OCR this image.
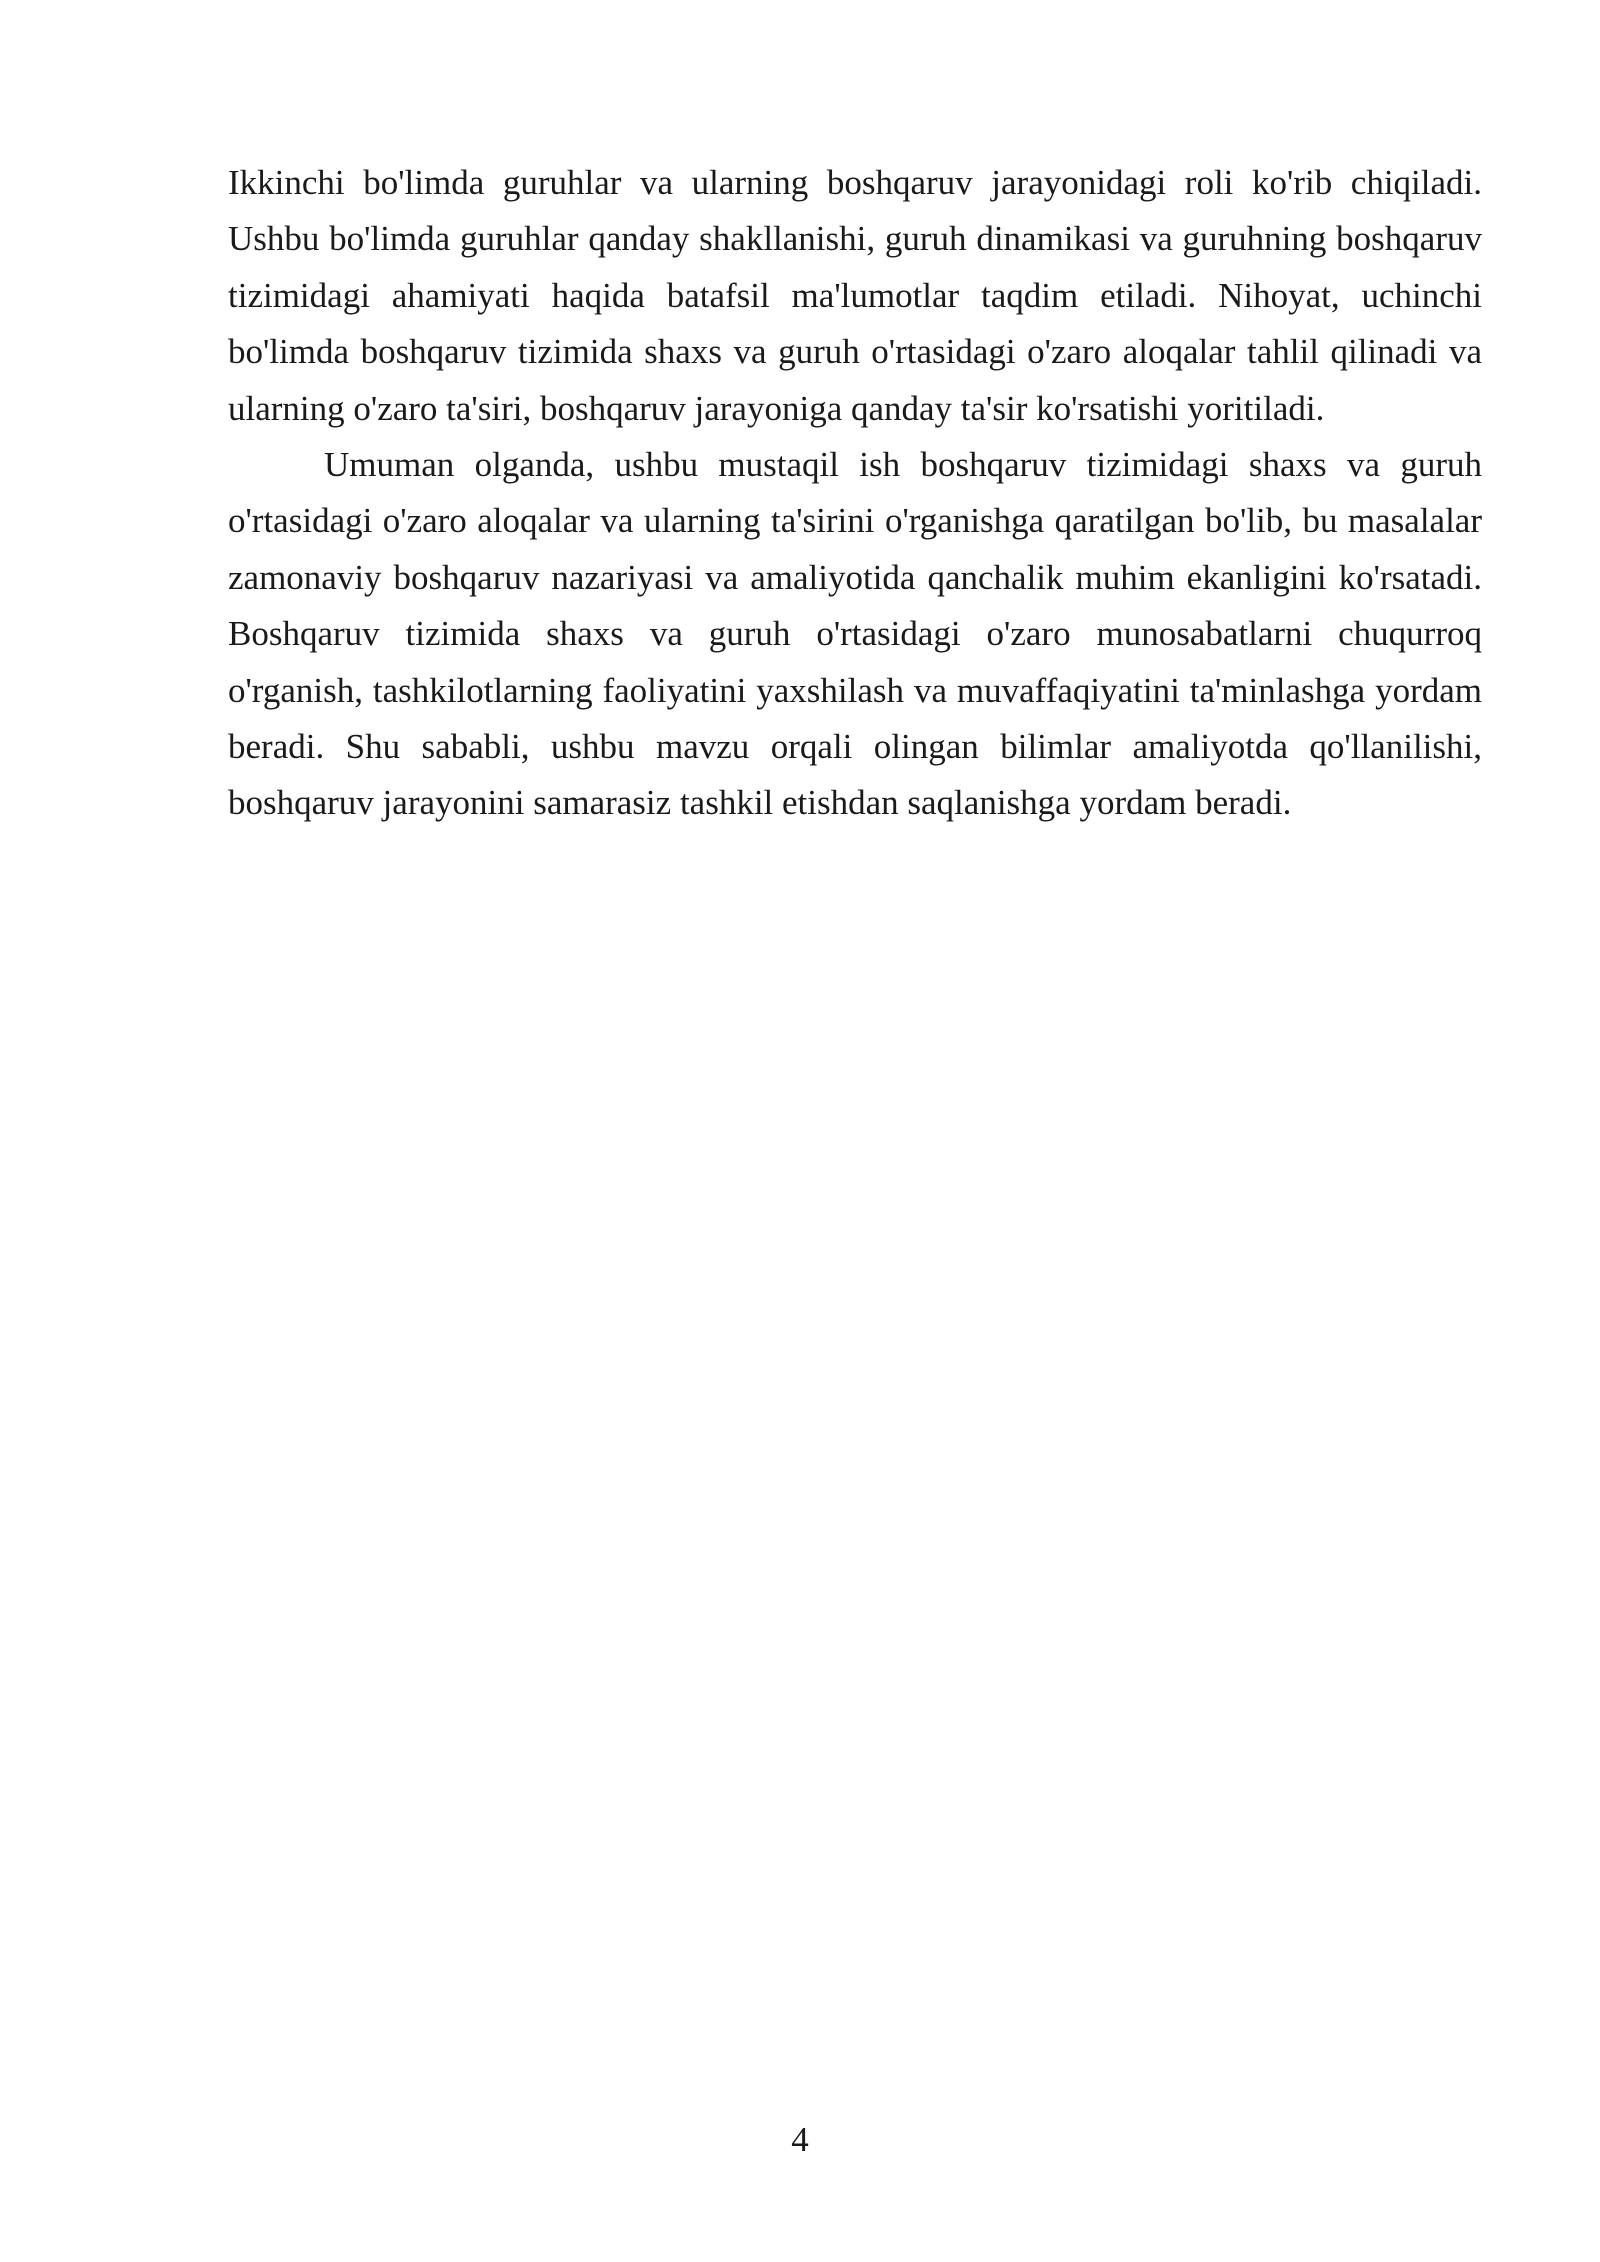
Ikkinchi bo'limda guruhlar va ularning boshqaruv jarayonidagi roli ko'rib chiqiladi. Ushbu bo'limda guruhlar qanday shakllanishi, guruh dinamikasi va guruhning boshqaruv tizimidagi ahamiyati haqida batafsil ma'lumotlar taqdim etiladi. Nihoyat, uchinchi bo'limda boshqaruv tizimida shaxs va guruh o'rtasidagi o'zaro aloqalar tahlil qilinadi va ularning o'zaro ta'siri, boshqaruv jarayoniga qanday ta'sir ko'rsatishi yoritiladi.

Umuman olganda, ushbu mustaqil ish boshqaruv tizimidagi shaxs va guruh o'rtasidagi o'zaro aloqalar va ularning ta'sirini o'rganishga qaratilgan bo'lib, bu masalalar zamonaviy boshqaruv nazariyasi va amaliyotida qanchalik muhim ekanligini ko'rsatadi. Boshqaruv tizimida shaxs va guruh o'rtasidagi o'zaro munosabatlarni chuqurroq o'rganish, tashkilotlarning faoliyatini yaxshilash va muvaffaqiyatini ta'minlashga yordam beradi. Shu sababli, ushbu mavzu orqali olingan bilimlar amaliyotda qo'llanilishi, boshqaruv jarayonini samarasiz tashkil etishdan saqlanishga yordam beradi.

4
